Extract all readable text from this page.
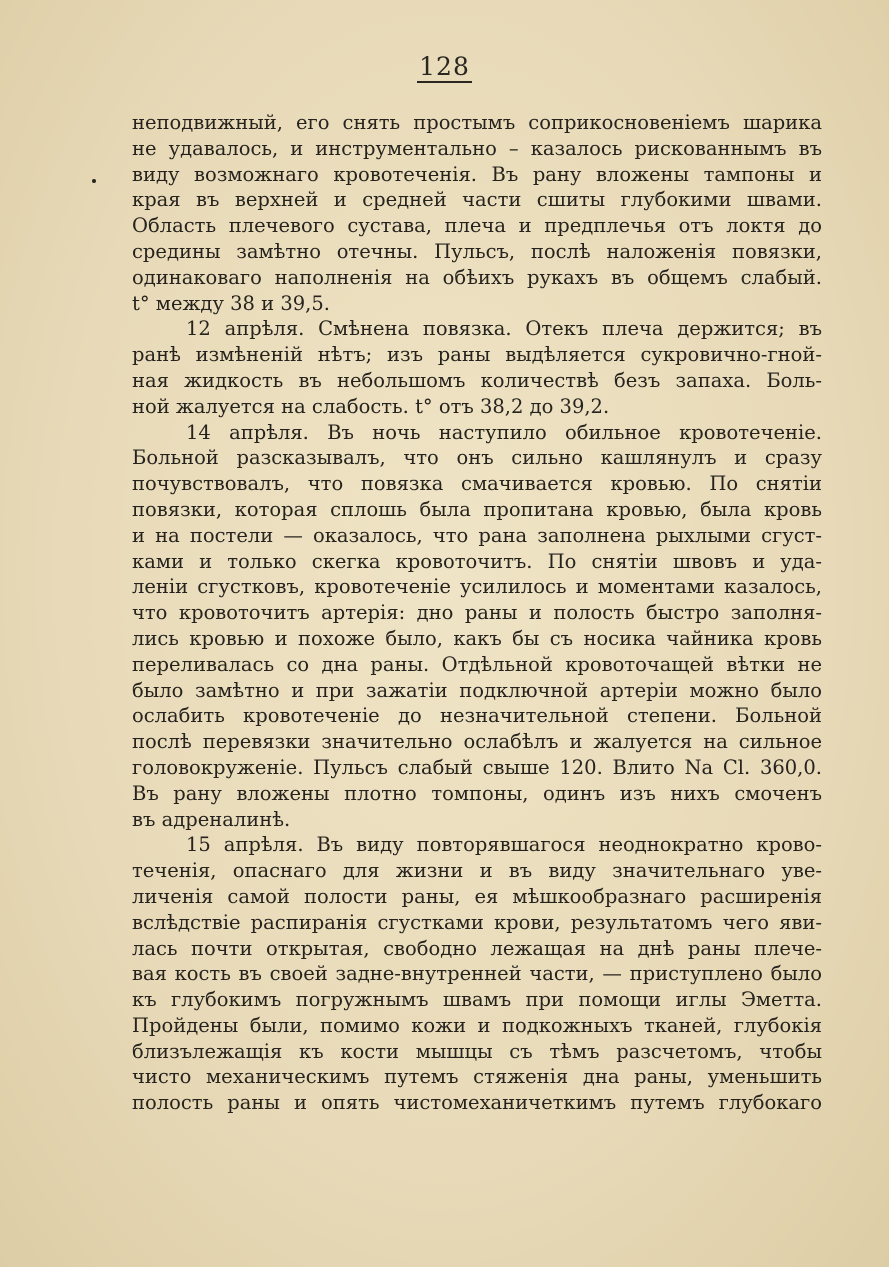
128
неподвижный, его снять простымъ соприкосновенiемъ шарика
не удавалось, и инструментально – казалось рискованнымъ въ
виду возможнаго кровотеченiя. Въ рану вложены тампоны и
края въ верхней и средней части сшиты глубокими швами.
Область плечевого сустава, плеча и предплечья отъ локтя до
средины замѣтно отечны. Пульсъ, послѣ наложенiя повязки,
одинаковаго наполненiя на обѣихъ рукахъ въ общемъ слабый.
t° между 38 и 39,5.
12 апрѣля. Смѣнена повязка. Отекъ плеча держится; въ
ранѣ измѣненiй нѣтъ; изъ раны выдѣляется сукровично-гной-
ная жидкость въ небольшомъ количествѣ безъ запаха. Боль-
ной жалуется на слабость. t° отъ 38,2 до 39,2.
14 апрѣля. Въ ночь наступило обильное кровотеченiе.
Больной разсказывалъ, что онъ сильно кашлянулъ и сразу
почувствовалъ, что повязка смачивается кровью. По снятiи
повязки, которая сплошь была пропитана кровью, была кровь
и на постели — оказалось, что рана заполнена рыхлыми сгуст-
ками и только скегка кровоточитъ. По снятiи швовъ и уда-
ленiи сгустковъ, кровотеченiе усилилось и моментами казалось,
что кровоточитъ артерiя: дно раны и полость быстро заполня-
лись кровью и похоже было, какъ бы съ носика чайника кровь
переливалась со дна раны. Отдѣльной кровоточащей вѣтки не
было замѣтно и при зажатiи подключной артерiи можно было
ослабить кровотеченiе до незначительной степени. Больной
послѣ перевязки значительно ослабѣлъ и жалуется на сильное
головокруженiе. Пульсъ слабый свыше 120. Влито Na Cl. 360,0.
Въ рану вложены плотно томпоны, одинъ изъ нихъ смоченъ
въ адреналинѣ.
15 апрѣля. Въ виду повторявшагося неоднократно крово-
теченiя, опаснаго для жизни и въ виду значительнаго уве-
личенiя самой полости раны, ея мѣшкообразнаго расширенiя
вслѣдствiе распиранiя сгустками крови, результатомъ чего яви-
лась почти открытая, свободно лежащая на днѣ раны плече-
вая кость въ своей задне-внутренней части, — приступлено было
къ глубокимъ погружнымъ швамъ при помощи иглы Эметта.
Пройдены были, помимо кожи и подкожныхъ тканей, глубокiя
близълежащiя къ кости мышцы съ тѣмъ разсчетомъ, чтобы
чисто механическимъ путемъ стяженiя дна раны, уменьшить
полость раны и опять чистомеханичеткимъ путемъ глубокаго
